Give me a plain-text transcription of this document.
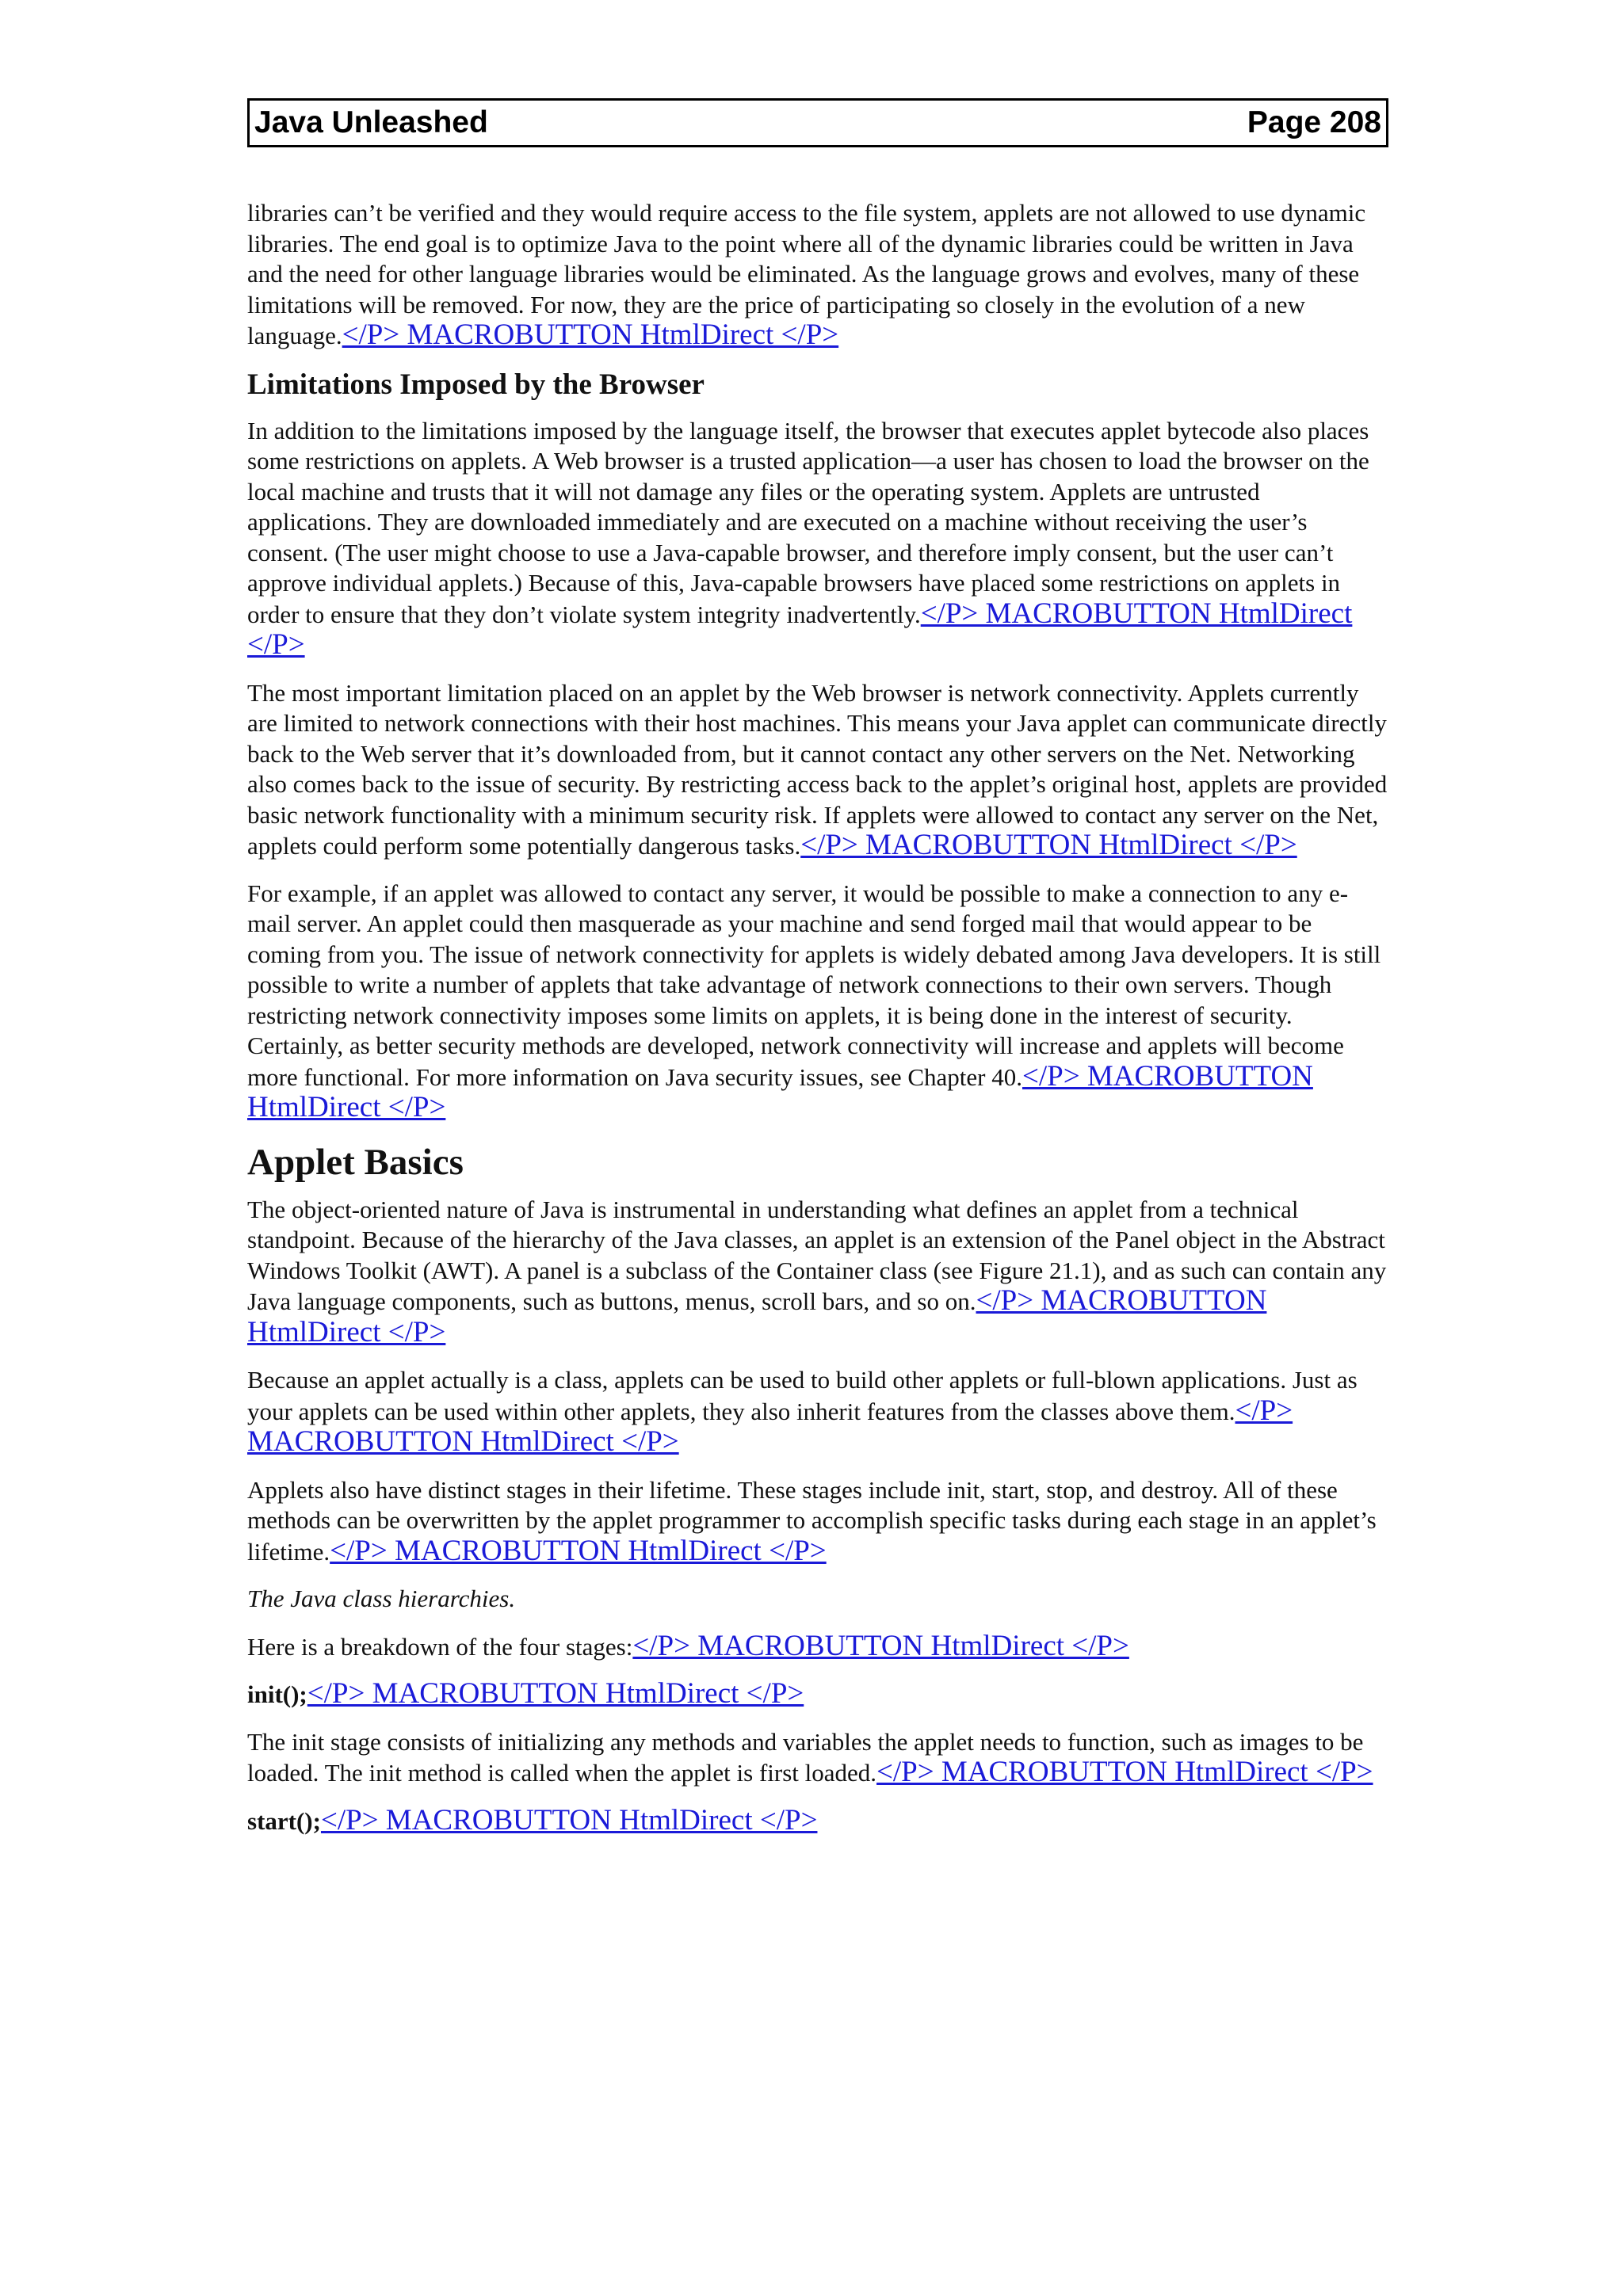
Java Unleashed	Page 208

libraries can’t be verified and they would require access to the file system, applets are not allowed to use dynamic libraries. The end goal is to optimize Java to the point where all of the dynamic libraries could be written in Java and the need for other language libraries would be eliminated. As the language grows and evolves, many of these limitations will be removed. For now, they are the price of participating so closely in the evolution of a new language.</P> MACROBUTTON HtmlDirect </P>

Limitations Imposed by the Browser

In addition to the limitations imposed by the language itself, the browser that executes applet bytecode also places some restrictions on applets. A Web browser is a trusted application—a user has chosen to load the browser on the local machine and trusts that it will not damage any files or the operating system. Applets are untrusted applications. They are downloaded immediately and are executed on a machine without receiving the user’s consent. (The user might choose to use a Java-capable browser, and therefore imply consent, but the user can’t approve individual applets.) Because of this, Java-capable browsers have placed some restrictions on applets in order to ensure that they don’t violate system integrity inadvertently.</P> MACROBUTTON HtmlDirect </P>

The most important limitation placed on an applet by the Web browser is network connectivity. Applets currently are limited to network connections with their host machines. This means your Java applet can communicate directly back to the Web server that it’s downloaded from, but it cannot contact any other servers on the Net. Networking also comes back to the issue of security. By restricting access back to the applet’s original host, applets are provided basic network functionality with a minimum security risk. If applets were allowed to contact any server on the Net, applets could perform some potentially dangerous tasks.</P> MACROBUTTON HtmlDirect </P>

For example, if an applet was allowed to contact any server, it would be possible to make a connection to any e-mail server. An applet could then masquerade as your machine and send forged mail that would appear to be coming from you. The issue of network connectivity for applets is widely debated among Java developers. It is still possible to write a number of applets that take advantage of network connections to their own servers. Though restricting network connectivity imposes some limits on applets, it is being done in the interest of security. Certainly, as better security methods are developed, network connectivity will increase and applets will become more functional. For more information on Java security issues, see Chapter 40.</P> MACROBUTTON HtmlDirect </P>

Applet Basics

The object-oriented nature of Java is instrumental in understanding what defines an applet from a technical standpoint. Because of the hierarchy of the Java classes, an applet is an extension of the Panel object in the Abstract Windows Toolkit (AWT). A panel is a subclass of the Container class (see Figure 21.1), and as such can contain any Java language components, such as buttons, menus, scroll bars, and so on.</P> MACROBUTTON HtmlDirect </P>

Because an applet actually is a class, applets can be used to build other applets or full-blown applications. Just as your applets can be used within other applets, they also inherit features from the classes above them.</P> MACROBUTTON HtmlDirect </P>

Applets also have distinct stages in their lifetime. These stages include init, start, stop, and destroy. All of these methods can be overwritten by the applet programmer to accomplish specific tasks during each stage in an applet’s lifetime.</P> MACROBUTTON HtmlDirect </P>

The Java class hierarchies.

Here is a breakdown of the four stages:</P> MACROBUTTON HtmlDirect </P>

init();</P> MACROBUTTON HtmlDirect </P>

The init stage consists of initializing any methods and variables the applet needs to function, such as images to be loaded. The init method is called when the applet is first loaded.</P> MACROBUTTON HtmlDirect </P>

start();</P> MACROBUTTON HtmlDirect </P>
